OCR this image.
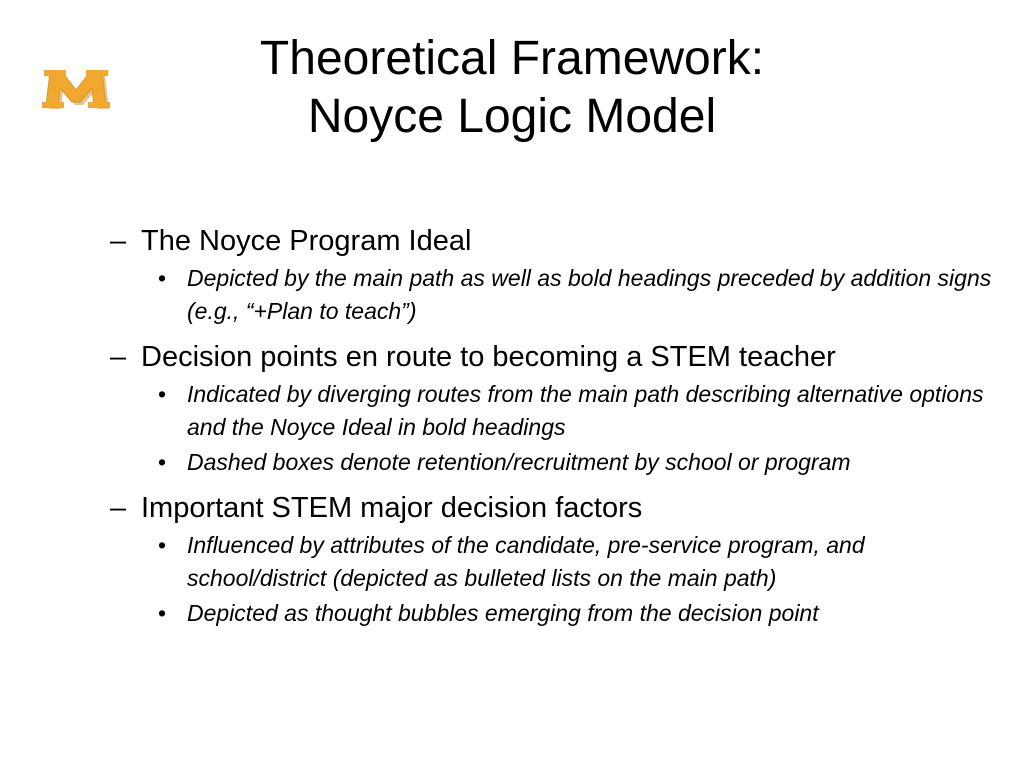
Theoretical Framework:
Noyce Logic Model
– The Noyce Program Ideal
• Depicted by the main path as well as bold headings preceded by addition signs (e.g., “+Plan to teach”)
– Decision points en route to becoming a STEM teacher
• Indicated by diverging routes from the main path describing alternative options and the Noyce Ideal in bold headings
• Dashed boxes denote retention/recruitment by school or program
– Important STEM major decision factors
• Influenced by attributes of the candidate, pre-service program, and school/district (depicted as bulleted lists on the main path)
• Depicted as thought bubbles emerging from the decision point
